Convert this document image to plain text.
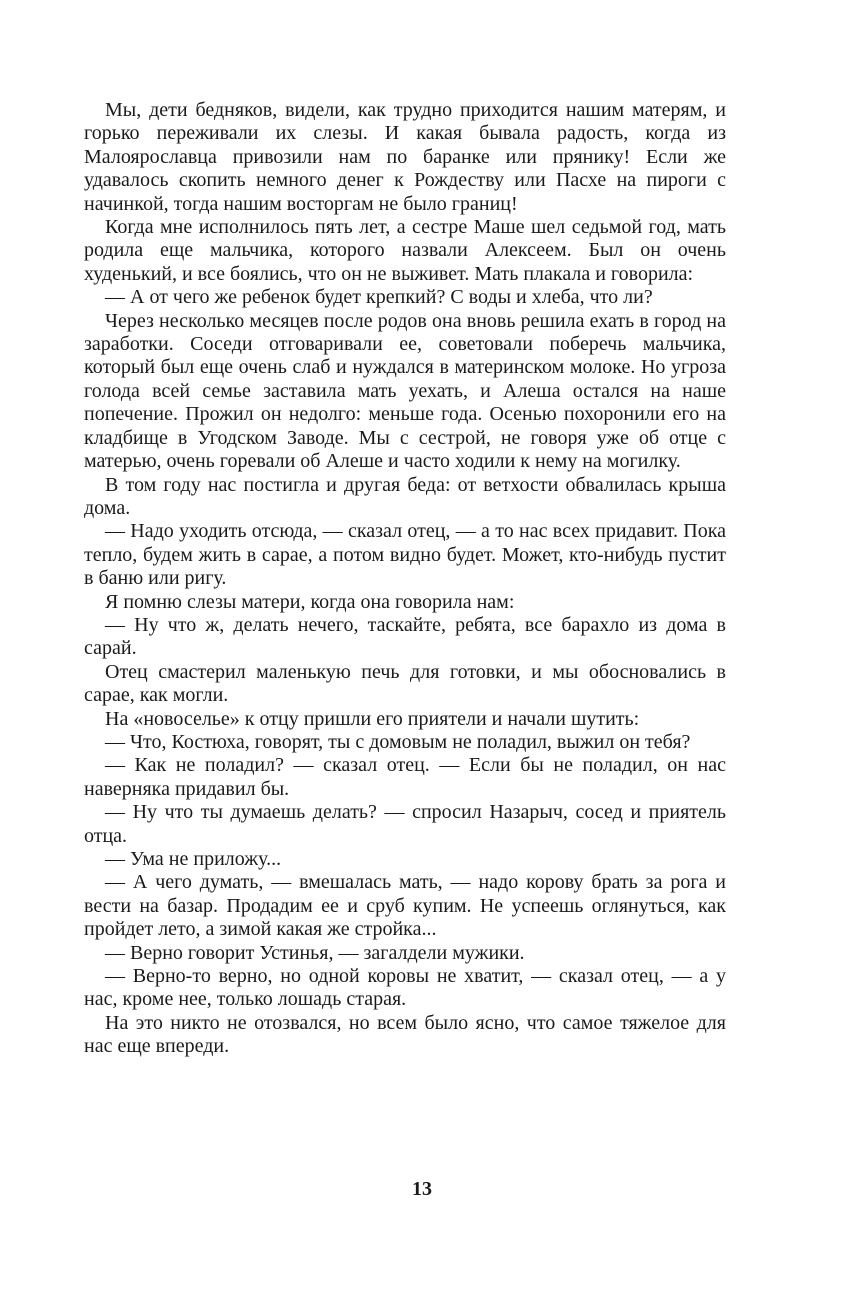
Мы, дети бедняков, видели, как трудно приходится нашим матерям, и горько переживали их слезы. И какая бывала радость, когда из Малоярославца привозили нам по баранке или прянику! Если же удавалось скопить немного денег к Рождеству или Пасхе на пироги с начинкой, тогда нашим восторгам не было границ!

Когда мне исполнилось пять лет, а сестре Маше шел седьмой год, мать родила еще мальчика, которого назвали Алексеем. Был он очень худенький, и все боялись, что он не выживет. Мать плакала и говорила:

— А от чего же ребенок будет крепкий? С воды и хлеба, что ли?

Через несколько месяцев после родов она вновь решила ехать в город на заработки. Соседи отговаривали ее, советовали поберечь мальчика, который был еще очень слаб и нуждался в материнском молоке. Но угроза голода всей семье заставила мать уехать, и Алеша остался на наше попечение. Прожил он недолго: меньше года. Осенью похоронили его на кладбище в Угодском Заводе. Мы с сестрой, не говоря уже об отце с матерью, очень горевали об Алеше и часто ходили к нему на могилку.

В том году нас постигла и другая беда: от ветхости обвалилась крыша дома.

— Надо уходить отсюда, — сказал отец, — а то нас всех придавит. Пока тепло, будем жить в сарае, а потом видно будет. Может, кто-нибудь пустит в баню или ригу.

Я помню слезы матери, когда она говорила нам:

— Ну что ж, делать нечего, таскайте, ребята, все барахло из дома в сарай.

Отец смастерил маленькую печь для готовки, и мы обосновались в сарае, как могли.

На «новоселье» к отцу пришли его приятели и начали шутить:

— Что, Костюха, говорят, ты с домовым не поладил, выжил он тебя?

— Как не поладил? — сказал отец. — Если бы не поладил, он нас наверняка придавил бы.

— Ну что ты думаешь делать? — спросил Назарыч, сосед и приятель отца.

— Ума не приложу...

— А чего думать, — вмешалась мать, — надо корову брать за рога и вести на базар. Продадим ее и сруб купим. Не успеешь оглянуться, как пройдет лето, а зимой какая же стройка...

— Верно говорит Устинья, — загалдели мужики.

— Верно-то верно, но одной коровы не хватит, — сказал отец, — а у нас, кроме нее, только лошадь старая.

На это никто не отозвался, но всем было ясно, что самое тяжелое для нас еще впереди.

13
